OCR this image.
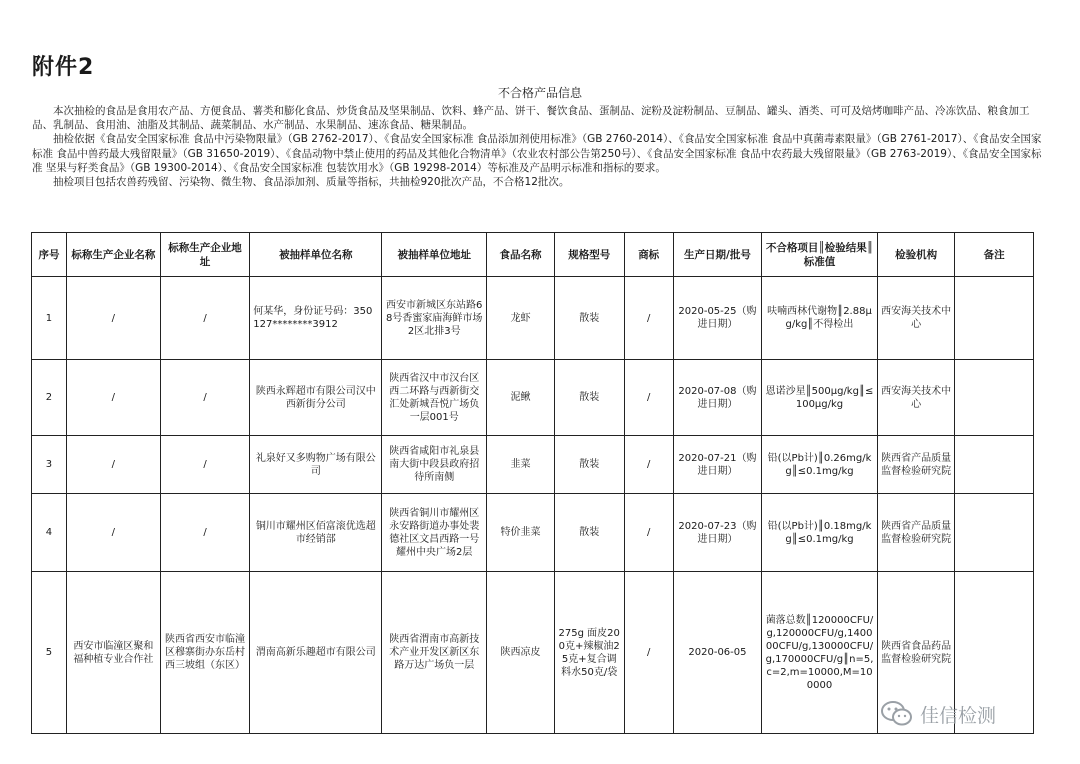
附件2
不合格产品信息

本次抽检的食品是食用农产品、方便食品、薯类和膨化食品、炒货食品及坚果制品、饮料、蜂产品、饼干、餐饮食品、蛋制品、淀粉及淀粉制品、豆制品、罐头、酒类、可可及焙烤咖啡产品、冷冻饮品、粮食加工品、乳制品、食用油、油脂及其制品、蔬菜制品、水产制品、水果制品、速冻食品、糖果制品。

抽检依据《食品安全国家标准 食品中污染物限量》（GB 2762-2017）、《食品安全国家标准 食品添加剂使用标准》（GB 2760-2014）、《食品安全国家标准 食品中真菌毒素限量》（GB 2761-2017）、《食品安全国家标准 食品中兽药最大残留限量》（GB 31650-2019）、《食品动物中禁止使用的药品及其他化合物清单》（农业农村部公告第250号）、《食品安全国家标准 食品中农药最大残留限量》（GB 2763-2019）、《食品安全国家标准 坚果与籽类食品》（GB 19300-2014）、《食品安全国家标准 包装饮用水》（GB 19298-2014）等标准及产品明示标准和指标的要求。

抽检项目包括农兽药残留、污染物、微生物、食品添加剂、质量等指标，共抽检920批次产品，不合格12批次。

序号	标称生产企业名称	标称生产企业地址	被抽样单位名称	被抽样单位地址	食品名称	规格型号	商标	生产日期/批号	不合格项目║检验结果║标准值	检验机构	备注
1	/	/	何某华，身份证号码：350127********3912	西安市新城区东站路68号香蜜家庙海鲜市场2区北排3号	龙虾	散装	/	2020-05-25（购进日期）	呋喃西林代谢物║2.88μg/kg║不得检出	西安海关技术中心	
2	/	/	陕西永辉超市有限公司汉中西新街分公司	陕西省汉中市汉台区西二环路与西新街交汇处新城吾悦广场负一层001号	泥鳅	散装	/	2020-07-08（购进日期）	恩诺沙星║500μg/kg║≤100μg/kg	西安海关技术中心	
3	/	/	礼泉好又多购物广场有限公司	陕西省咸阳市礼泉县南大街中段县政府招待所南侧	韭菜	散装	/	2020-07-21（购进日期）	铅(以Pb计)║0.26mg/kg║≤0.1mg/kg	陕西省产品质量监督检验研究院	
4	/	/	铜川市耀州区佰富滚优选超市经销部	陕西省铜川市耀州区永安路街道办事处裴德社区文昌西路一号耀州中央广场2层	特价韭菜	散装	/	2020-07-23（购进日期）	铅(以Pb计)║0.18mg/kg║≤0.1mg/kg	陕西省产品质量监督检验研究院	
5	西安市临潼区聚和福种植专业合作社	陕西省西安市临潼区穆寨街办东岳村西三坡组（东区）	渭南高新乐趣超市有限公司	陕西省渭南市高新技术产业开发区新区东路万达广场负一层	陕西凉皮	275g 面皮200克+辣椒油25克+复合调料水50克/袋	/	2020-06-05	菌落总数║120000CFU/g,120000CFU/g,140000CFU/g,130000CFU/g,170000CFU/g║n=5,c=2,m=10000,M=100000	陕西省食品药品监督检验研究院	
佳信检测
